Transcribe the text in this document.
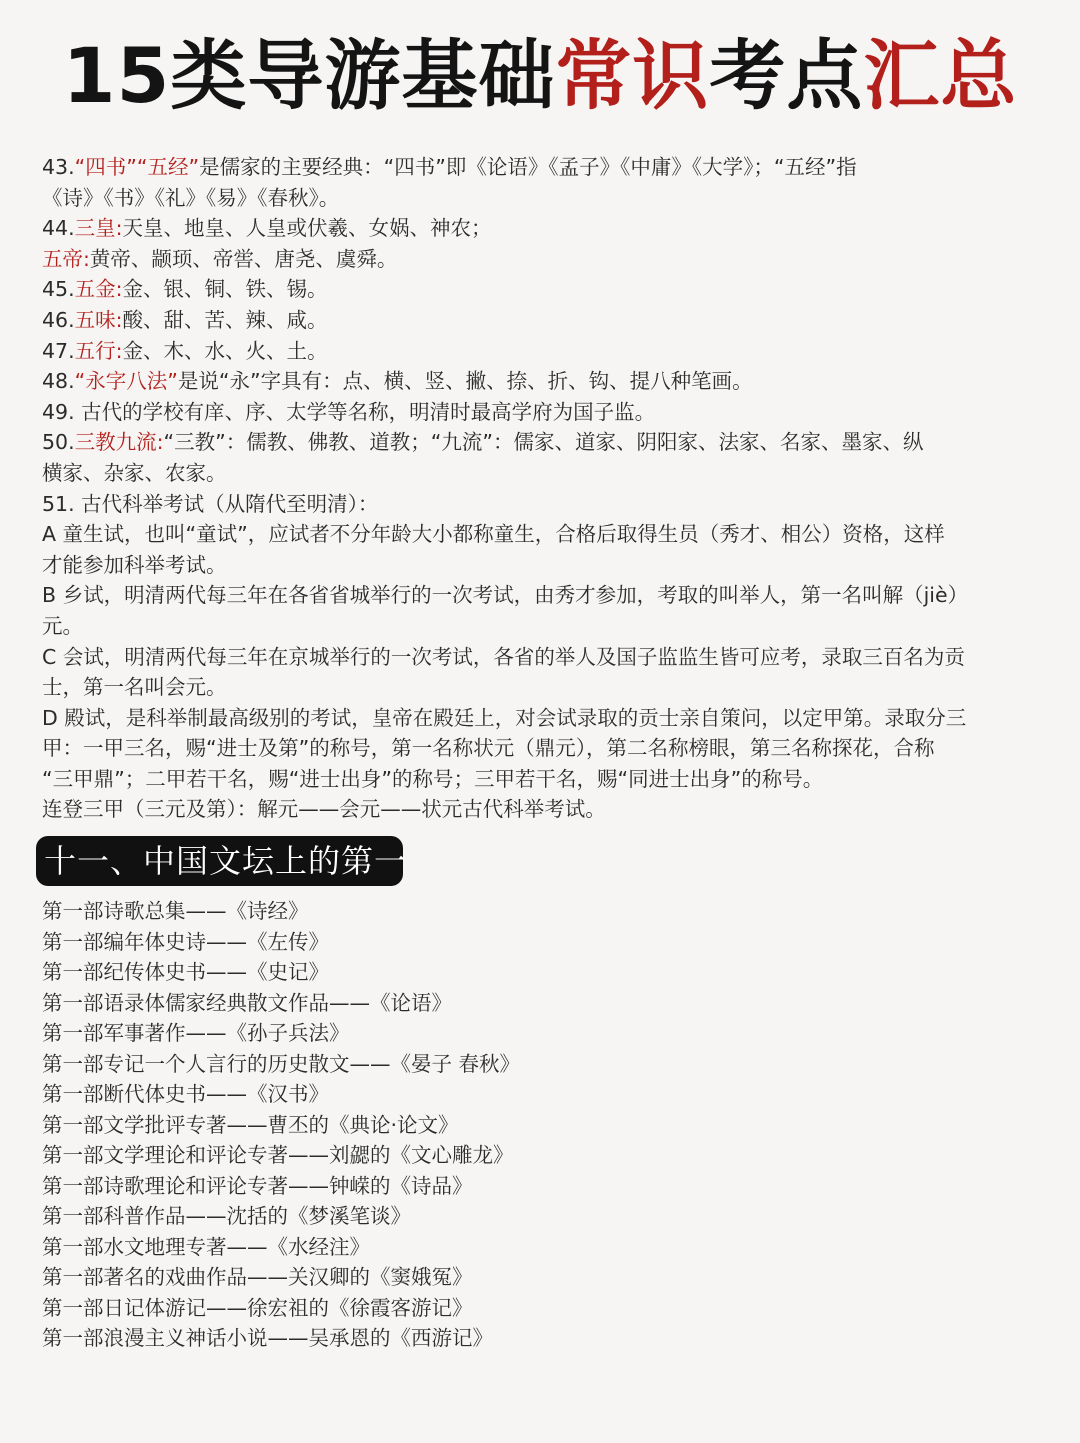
15类导游基础常识考点汇总
43.“四书”“五经”是儒家的主要经典：“四书”即《论语》《孟子》《中庸》《大学》；“五经”指
《诗》《书》《礼》《易》《春秋》。
44.三皇:天皇、地皇、人皇或伏羲、女娲、神农；
五帝:黄帝、颛顼、帝喾、唐尧、虞舜。
45.五金:金、银、铜、铁、锡。
46.五味:酸、甜、苦、辣、咸。
47.五行:金、木、水、火、土。
48.“永字八法”是说“永”字具有：点、横、竖、撇、捺、折、钩、提八种笔画。
49. 古代的学校有庠、序、太学等名称，明清时最高学府为国子监。
50.三教九流:“三教”：儒教、佛教、道教；“九流”：儒家、道家、阴阳家、法家、名家、墨家、纵
横家、杂家、农家。
51. 古代科举考试（从隋代至明清）：
A 童生试，也叫“童试”，应试者不分年龄大小都称童生，合格后取得生员（秀才、相公）资格，这样
才能参加科举考试。
B 乡试，明清两代每三年在各省省城举行的一次考试，由秀才参加，考取的叫举人，第一名叫解（jiè）
元。
C 会试，明清两代每三年在京城举行的一次考试，各省的举人及国子监监生皆可应考，录取三百名为贡
士，第一名叫会元。
D 殿试，是科举制最高级别的考试，皇帝在殿廷上，对会试录取的贡士亲自策问，以定甲第。录取分三
甲：一甲三名，赐“进士及第”的称号，第一名称状元（鼎元），第二名称榜眼，第三名称探花，合称
“三甲鼎”；二甲若干名，赐“进士出身”的称号；三甲若干名，赐“同进士出身”的称号。
连登三甲（三元及第）：解元——会元——状元古代科举考试。
十一、中国文坛上的第一
第一部诗歌总集——《诗经》
第一部编年体史诗——《左传》
第一部纪传体史书——《史记》
第一部语录体儒家经典散文作品——《论语》
第一部军事著作——《孙子兵法》
第一部专记一个人言行的历史散文——《晏子 春秋》
第一部断代体史书——《汉书》
第一部文学批评专著——曹丕的《典论·论文》
第一部文学理论和评论专著——刘勰的《文心雕龙》
第一部诗歌理论和评论专著——钟嵘的《诗品》
第一部科普作品——沈括的《梦溪笔谈》
第一部水文地理专著——《水经注》
第一部著名的戏曲作品——关汉卿的《窦娥冤》
第一部日记体游记——徐宏祖的《徐霞客游记》
第一部浪漫主义神话小说——吴承恩的《西游记》
